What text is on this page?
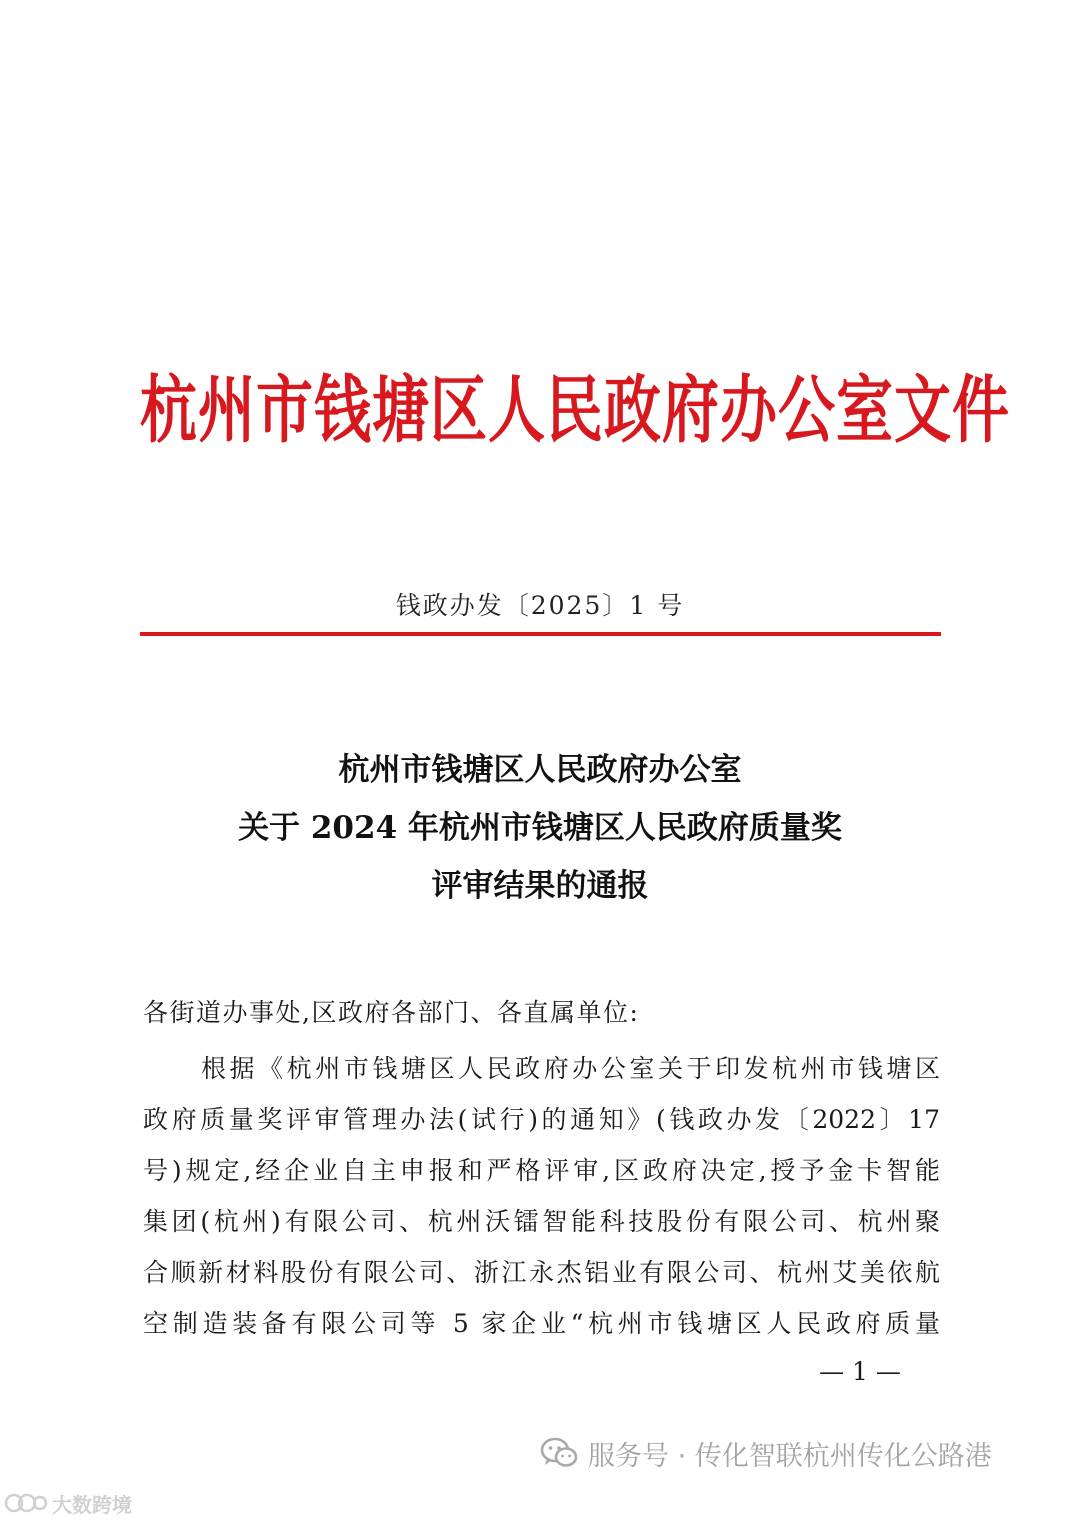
杭州市钱塘区人民政府办公室文件
钱政办发〔2025〕1 号
杭州市钱塘区人民政府办公室
关于 2024 年杭州市钱塘区人民政府质量奖
评审结果的通报
各街道办事处,区政府各部门、各直属单位:
根据《杭州市钱塘区人民政府办公室关于印发杭州市钱塘区
政府质量奖评审管理办法(试行)的通知》(钱政办发〔2022〕17
号)规定,经企业自主申报和严格评审,区政府决定,授予金卡智能
集团(杭州)有限公司、杭州沃镭智能科技股份有限公司、杭州聚
合顺新材料股份有限公司、浙江永杰铝业有限公司、杭州艾美依航
空制造装备有限公司等 5 家企业“杭州市钱塘区人民政府质量
— 1 —
服务号 · 传化智联杭州传化公路港
大数跨境
